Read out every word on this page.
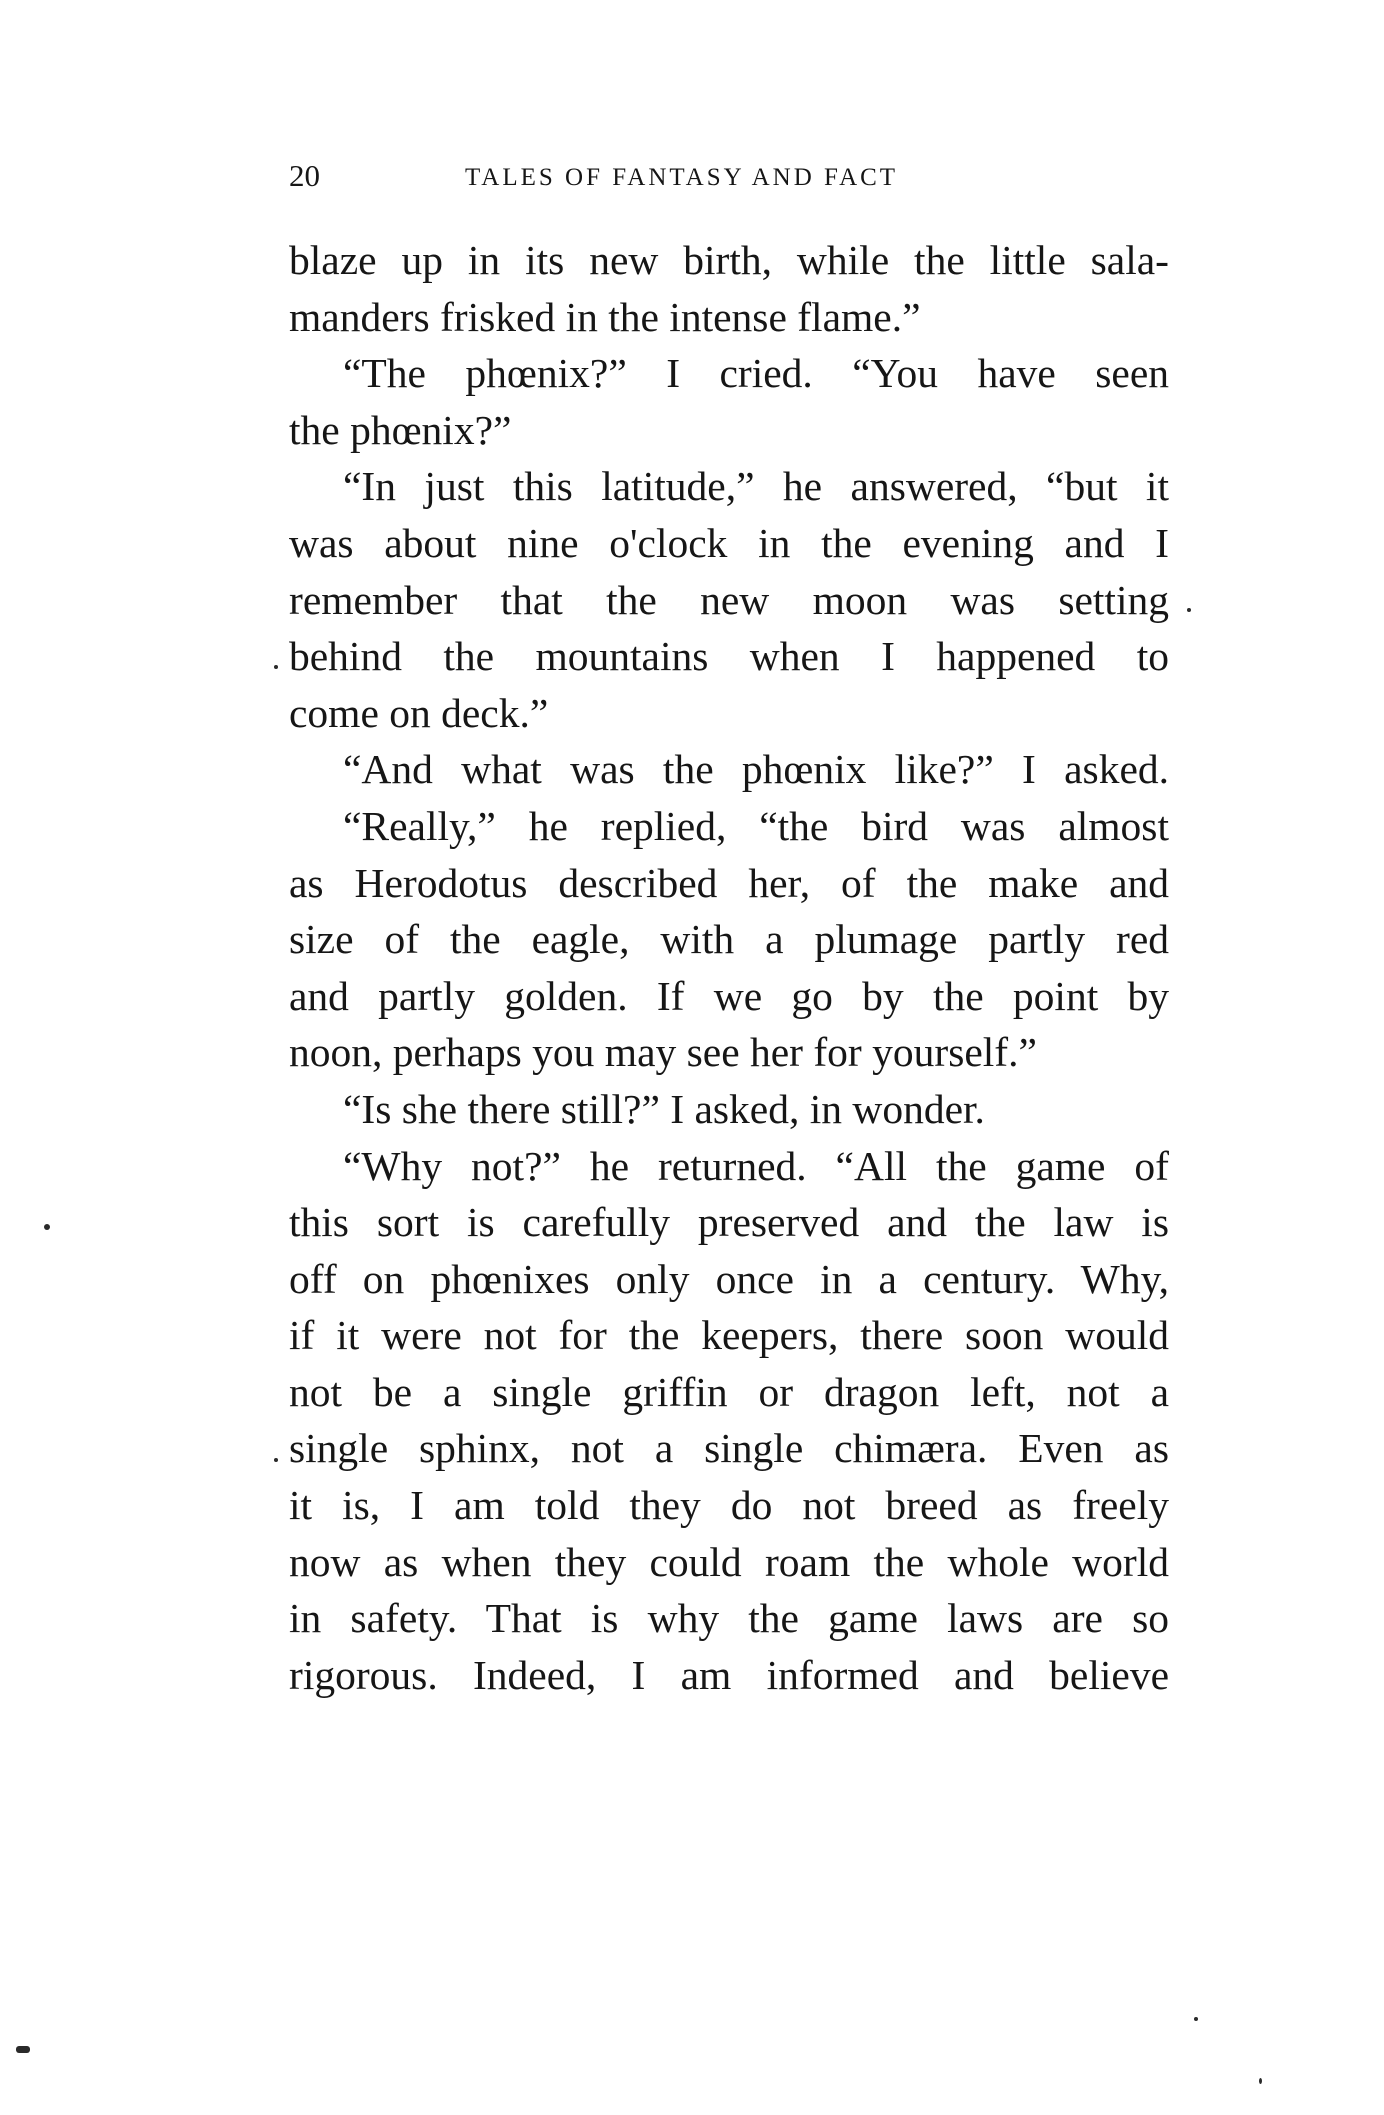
20	TALES OF FANTASY AND FACT
blaze up in its new birth, while the little sala-
manders frisked in the intense flame.”
“The phœnix?” I cried. “You have seen
the phœnix?”
“In just this latitude,” he answered, “but it
was about nine o'clock in the evening and I
remember that the new moon was setting
behind the mountains when I happened to
come on deck.”
“And what was the phœnix like?” I asked.
“Really,” he replied, “the bird was almost
as Herodotus described her, of the make and
size of the eagle, with a plumage partly red
and partly golden. If we go by the point by
noon, perhaps you may see her for yourself.”
“Is she there still?” I asked, in wonder.
“Why not?” he returned. “All the game of
this sort is carefully preserved and the law is
off on phœnixes only once in a century. Why,
if it were not for the keepers, there soon would
not be a single griffin or dragon left, not a
single sphinx, not a single chimæra. Even as
it is, I am told they do not breed as freely
now as when they could roam the whole world
in safety. That is why the game laws are so
rigorous. Indeed, I am informed and believe
